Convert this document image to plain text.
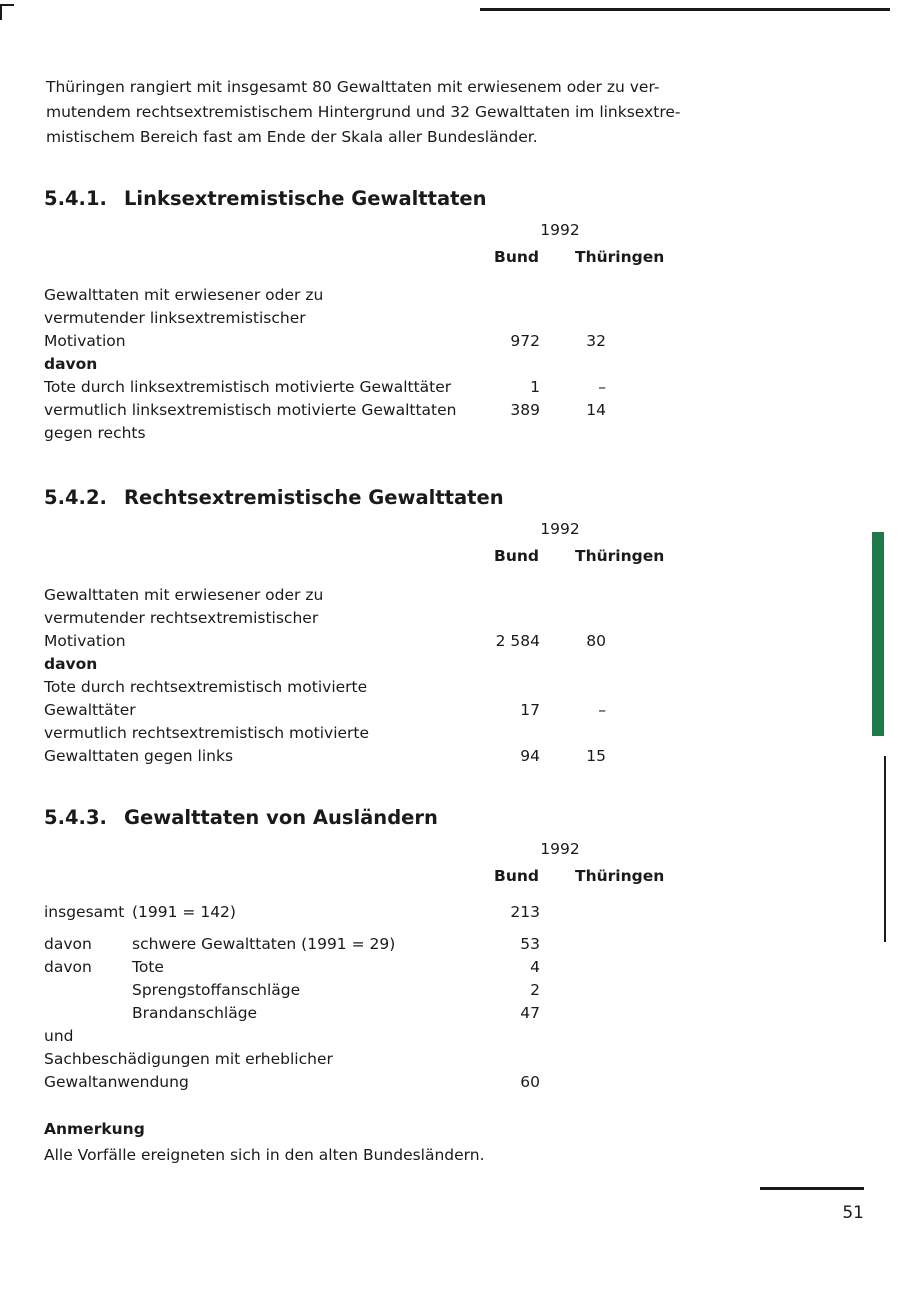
Thüringen rangiert mit insgesamt 80 Gewalttaten mit erwiesenem oder zu ver-
mutendem rechtsextremistischem Hintergrund und 32 Gewalttaten im linksextre-
mistischem Bereich fast am Ende der Skala aller Bundesländer.
5.4.1. Linksextremistische Gewalttaten
1992
Bund Thüringen
Gewalttaten mit erwiesener oder zu
vermutender linksextremistischer
Motivation	972	32
davon
Tote durch linksextremistisch motivierte Gewalttäter	1	–
vermutlich linksextremistisch motivierte Gewalttaten	389	14
gegen rechts
5.4.2. Rechtsextremistische Gewalttaten
1992
Bund Thüringen
Gewalttaten mit erwiesener oder zu
vermutender rechtsextremistischer
Motivation	2 584	80
davon
Tote durch rechtsextremistisch motivierte
Gewalttäter	17	–
vermutlich rechtsextremistisch motivierte
Gewalttaten gegen links	94	15
5.4.3. Gewalttaten von Ausländern
1992
Bund Thüringen
insgesamt (1991 = 142)	213
davon	schwere Gewalttaten (1991 = 29)	53
davon	Tote	4
Sprengstoffanschläge	2
Brandanschläge	47
und
Sachbeschädigungen mit erheblicher
Gewaltanwendung	60
Anmerkung
Alle Vorfälle ereigneten sich in den alten Bundesländern.
51
